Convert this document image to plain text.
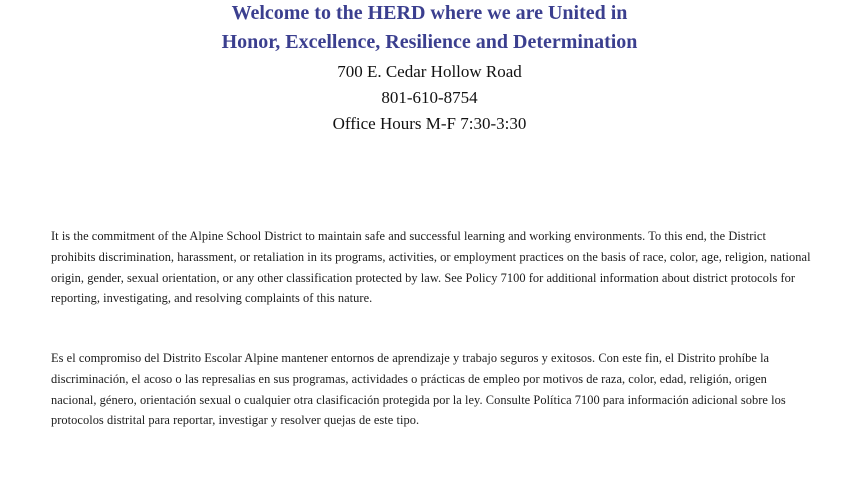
Welcome to the HERD where we are United in
Honor, Excellence, Resilience and Determination
700 E. Cedar Hollow Road
801-610-8754
Office Hours M-F 7:30-3:30

It is the commitment of the Alpine School District to maintain safe and successful learning and working environments. To this end, the District prohibits discrimination, harassment, or retaliation in its programs, activities, or employment practices on the basis of race, color, age, religion, national origin, gender, sexual orientation, or any other classification protected by law. See Policy 7100 for additional information about district protocols for reporting, investigating, and resolving complaints of this nature.

Es el compromiso del Distrito Escolar Alpine mantener entornos de aprendizaje y trabajo seguros y exitosos. Con este fin, el Distrito prohíbe la discriminación, el acoso o las represalias en sus programas, actividades o prácticas de empleo por motivos de raza, color, edad, religión, origen nacional, género, orientación sexual o cualquier otra clasificación protegida por la ley. Consulte Política 7100 para información adicional sobre los protocolos distrital para reportar, investigar y resolver quejas de este tipo.
